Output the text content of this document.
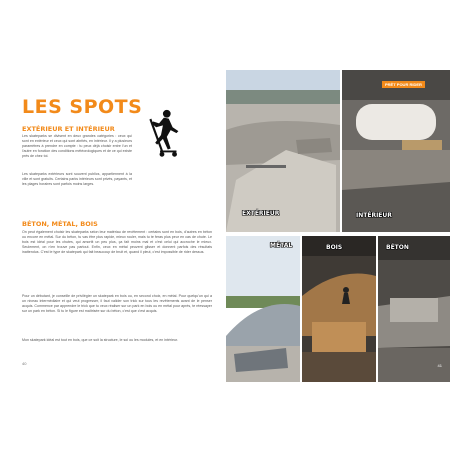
LES SPOTS
EXTÉRIEUR ET INTÉRIEUR

Les skateparks se divisent en deux grandes catégories : ceux qui sont en extérieur et ceux qui sont abrités, en intérieur. Il y a plusieurs paramètres à prendre en compte : tu peux déjà choisir entre l'un et l'autre en fonction des conditions météorologiques et de ce qui existe près de chez toi.

Les skateparks extérieurs sont souvent publics, appartiennent à la ville et sont gratuits. Certains parks intérieurs sont privés, payants, et les plages horaires sont parfois moins larges.

BÉTON, MÉTAL, BOIS

On peut également choisir les skateparks selon leur matériau de revêtement : certains sont en bois, d'autres en béton ou encore en métal. Sur du béton, tu vas être plus rapide, mieux rouler, mais tu te feras plus peur en cas de chute. Le bois est idéal pour les chutes, qui amortit un peu plus, ça fait moins mal et c'est celui qui accroche le mieux. Seulement, on n'en trouve pas partout. Enfin, ceux en métal peuvent glisser et donnent parfois des résultats inattendus. C'est le type de skatepark qui fait beaucoup de bruit et, quand il pleut, c'est impossible de rider dessus.

Pour un débutant, je conseille de privilégier un skatepark en bois ou, en second choix, en métal. Pour quelqu'un qui a un niveau intermédiaire et qui veut progresser, il faut valider son trick sur tous les revêtements avant de le penser acquis. Commence par apprendre le trick que tu veux réaliser sur un park en bois ou en métal pour après, te réessayer sur un park en béton. Si tu le figure est maîtrisée sur du béton, c'est que c'est acquis.

Mon skatepark idéal est tout en bois, que ce soit la structure, le sol ou les modules, et en intérieur.

40
EXTÉRIEUR
PRÊT POUR RIDER
INTÉRIEUR
MÉTAL	BOIS	BÉTON
41
